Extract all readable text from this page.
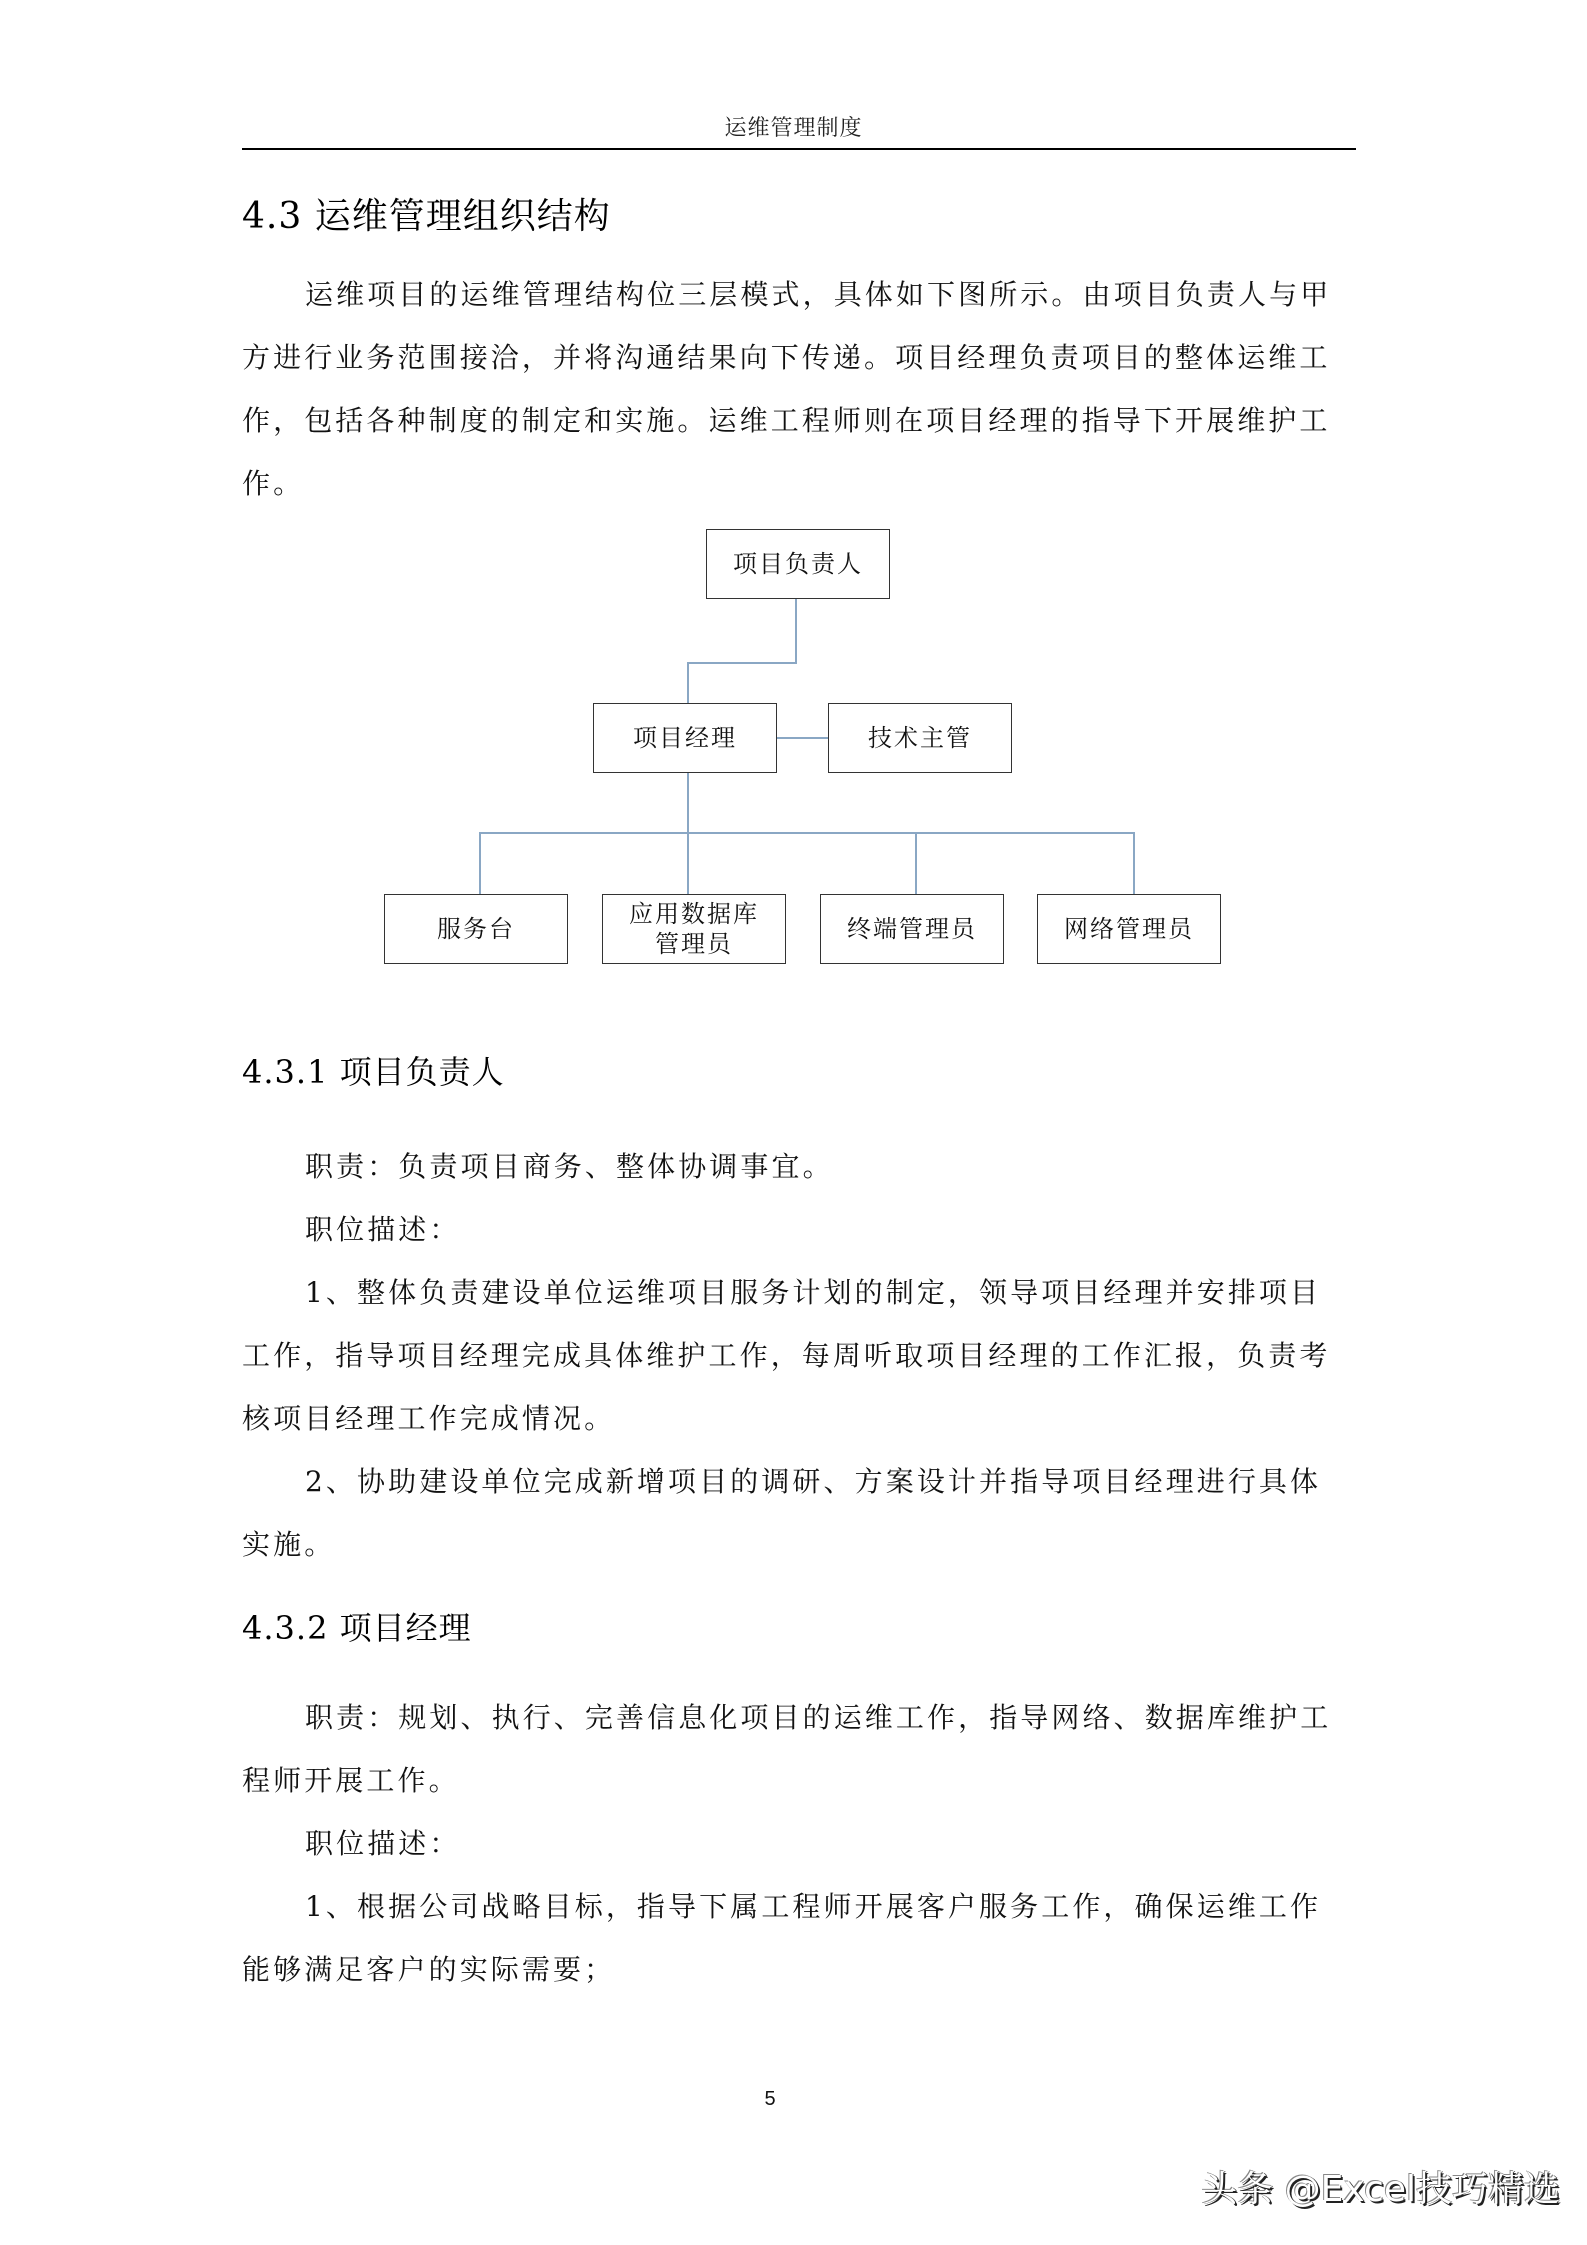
运维管理制度
4.3 运维管理组织结构
运维项目的运维管理结构位三层模式，具体如下图所示。由项目负责人与甲
方进行业务范围接洽，并将沟通结果向下传递。项目经理负责项目的整体运维工
作，包括各种制度的制定和实施。运维工程师则在项目经理的指导下开展维护工
作。
项目负责人
项目经理	技术主管
服务台
应用数据库
管理员
终端管理员	网络管理员
4.3.1 项目负责人
职责：负责项目商务、整体协调事宜。
职位描述：
1、整体负责建设单位运维项目服务计划的制定，领导项目经理并安排项目
工作，指导项目经理完成具体维护工作，每周听取项目经理的工作汇报，负责考
核项目经理工作完成情况。
2、协助建设单位完成新增项目的调研、方案设计并指导项目经理进行具体
实施。
4.3.2 项目经理
职责：规划、执行、完善信息化项目的运维工作，指导网络、数据库维护工
程师开展工作。
职位描述：
1、根据公司战略目标，指导下属工程师开展客户服务工作，确保运维工作
能够满足客户的实际需要；
5
头条 @Excel技巧精选
